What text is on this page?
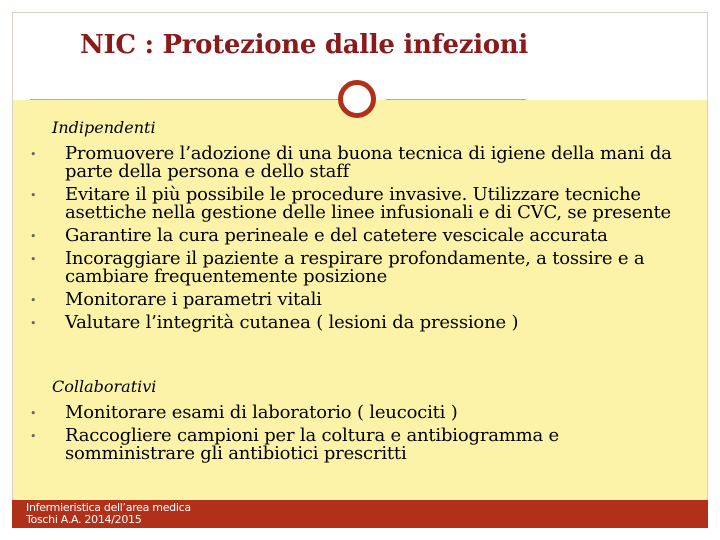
NIC : Protezione dalle infezioni
Indipendenti
• Promuovere l’adozione di una buona tecnica di igiene della mani da parte della persona e dello staff
• Evitare il più possibile le procedure invasive. Utilizzare tecniche asettiche nella gestione delle linee infusionali e di CVC, se presente
• Garantire la cura perineale e del catetere vescicale accurata
• Incoraggiare il paziente a respirare profondamente, a tossire e a cambiare frequentemente posizione
• Monitorare i parametri vitali
• Valutare l’integrità cutanea ( lesioni da pressione )
Collaborativi
• Monitorare esami di laboratorio ( leucociti )
• Raccogliere campioni per la coltura e antibiogramma e somministrare gli antibiotici prescritti
Infermieristica dell’area medica
Toschi A.A. 2014/2015
